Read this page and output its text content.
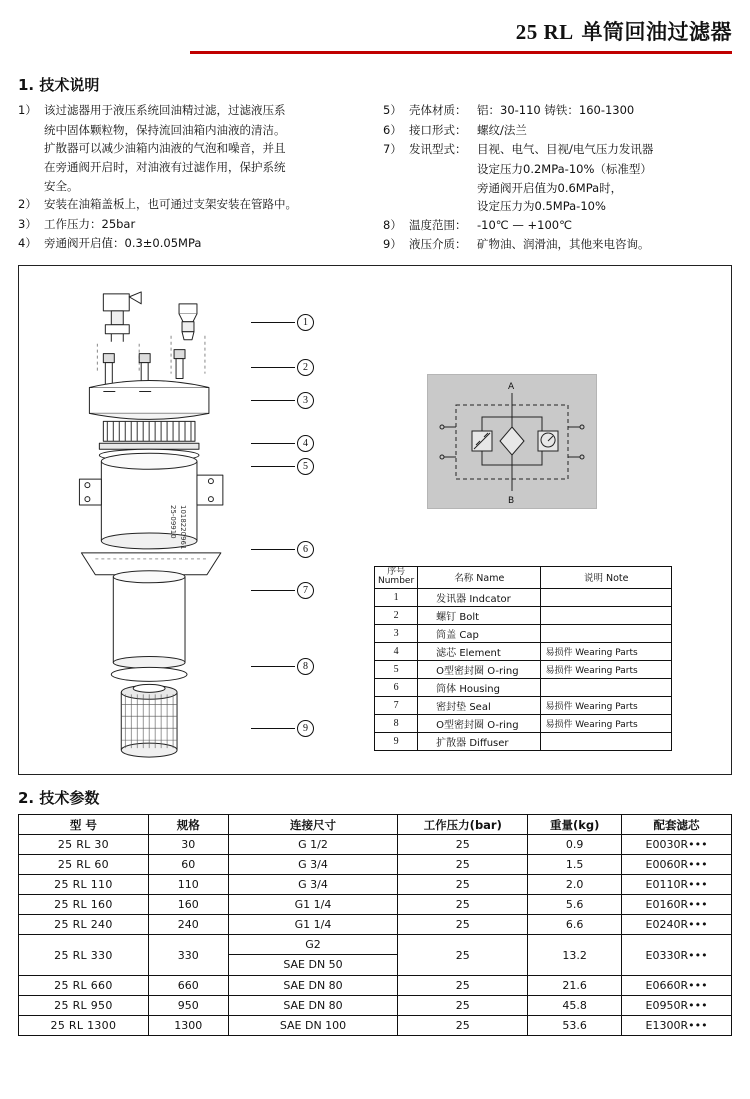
25 RL 单筒回油过滤器
1. 技术说明
1） 该过滤器用于液压系统回油精过滤，过滤液压系
统中固体颗粒物，保持流回油箱内油液的清洁。
扩散器可以减少油箱内油液的气泡和噪音，并且
在旁通阀开启时，对油液有过滤作用，保护系统
安全。
2） 安装在油箱盖板上，也可通过支架安装在管路中。
3） 工作压力：25bar
4） 旁通阀开启值：0.3±0.05MPa
5） 壳体材质： 铝：30-110 铸铁：160-1300
6） 接口形式： 螺纹/法兰
7） 发讯型式： 目视、电气、目视/电气压力发讯器
设定压力0.2MPa-10%（标准型）
旁通阀开启值为0.6MPa时，
设定压力为0.5MPa-10%
8） 温度范围： -10℃ — +100℃
9） 液压介质： 矿物油、润滑油，其他来电咨询。
25-09910 1018220961
1
2
3
4
5
6
7
8
9
A
B
序号
Number	名称 Name	说明 Note
1	发讯器 Indcator	
2	螺钉 Bolt	
3	筒盖 Cap	
4	滤芯 Element	易损件 Wearing Parts
5	O型密封圈 O-ring	易损件 Wearing Parts
6	筒体 Housing	
7	密封垫 Seal	易损件 Wearing Parts
8	O型密封圈 O-ring	易损件 Wearing Parts
9	扩散器 Diffuser	
2. 技术参数
型 号	规格	连接尺寸	工作压力(bar)	重量(kg)	配套滤芯
25 RL 30	30	G 1/2	25	0.9	E0030R•••
25 RL 60	60	G 3/4	25	1.5	E0060R•••
25 RL 110	110	G 3/4	25	2.0	E0110R•••
25 RL 160	160	G1 1/4	25	5.6	E0160R•••
25 RL 240	240	G1 1/4	25	6.6	E0240R•••
25 RL 330	330	G2
SAE DN 50	25	13.2	E0330R•••
25 RL 660	660	SAE DN 80	25	21.6	E0660R•••
25 RL 950	950	SAE DN 80	25	45.8	E0950R•••
25 RL 1300	1300	SAE DN 100	25	53.6	E1300R•••
